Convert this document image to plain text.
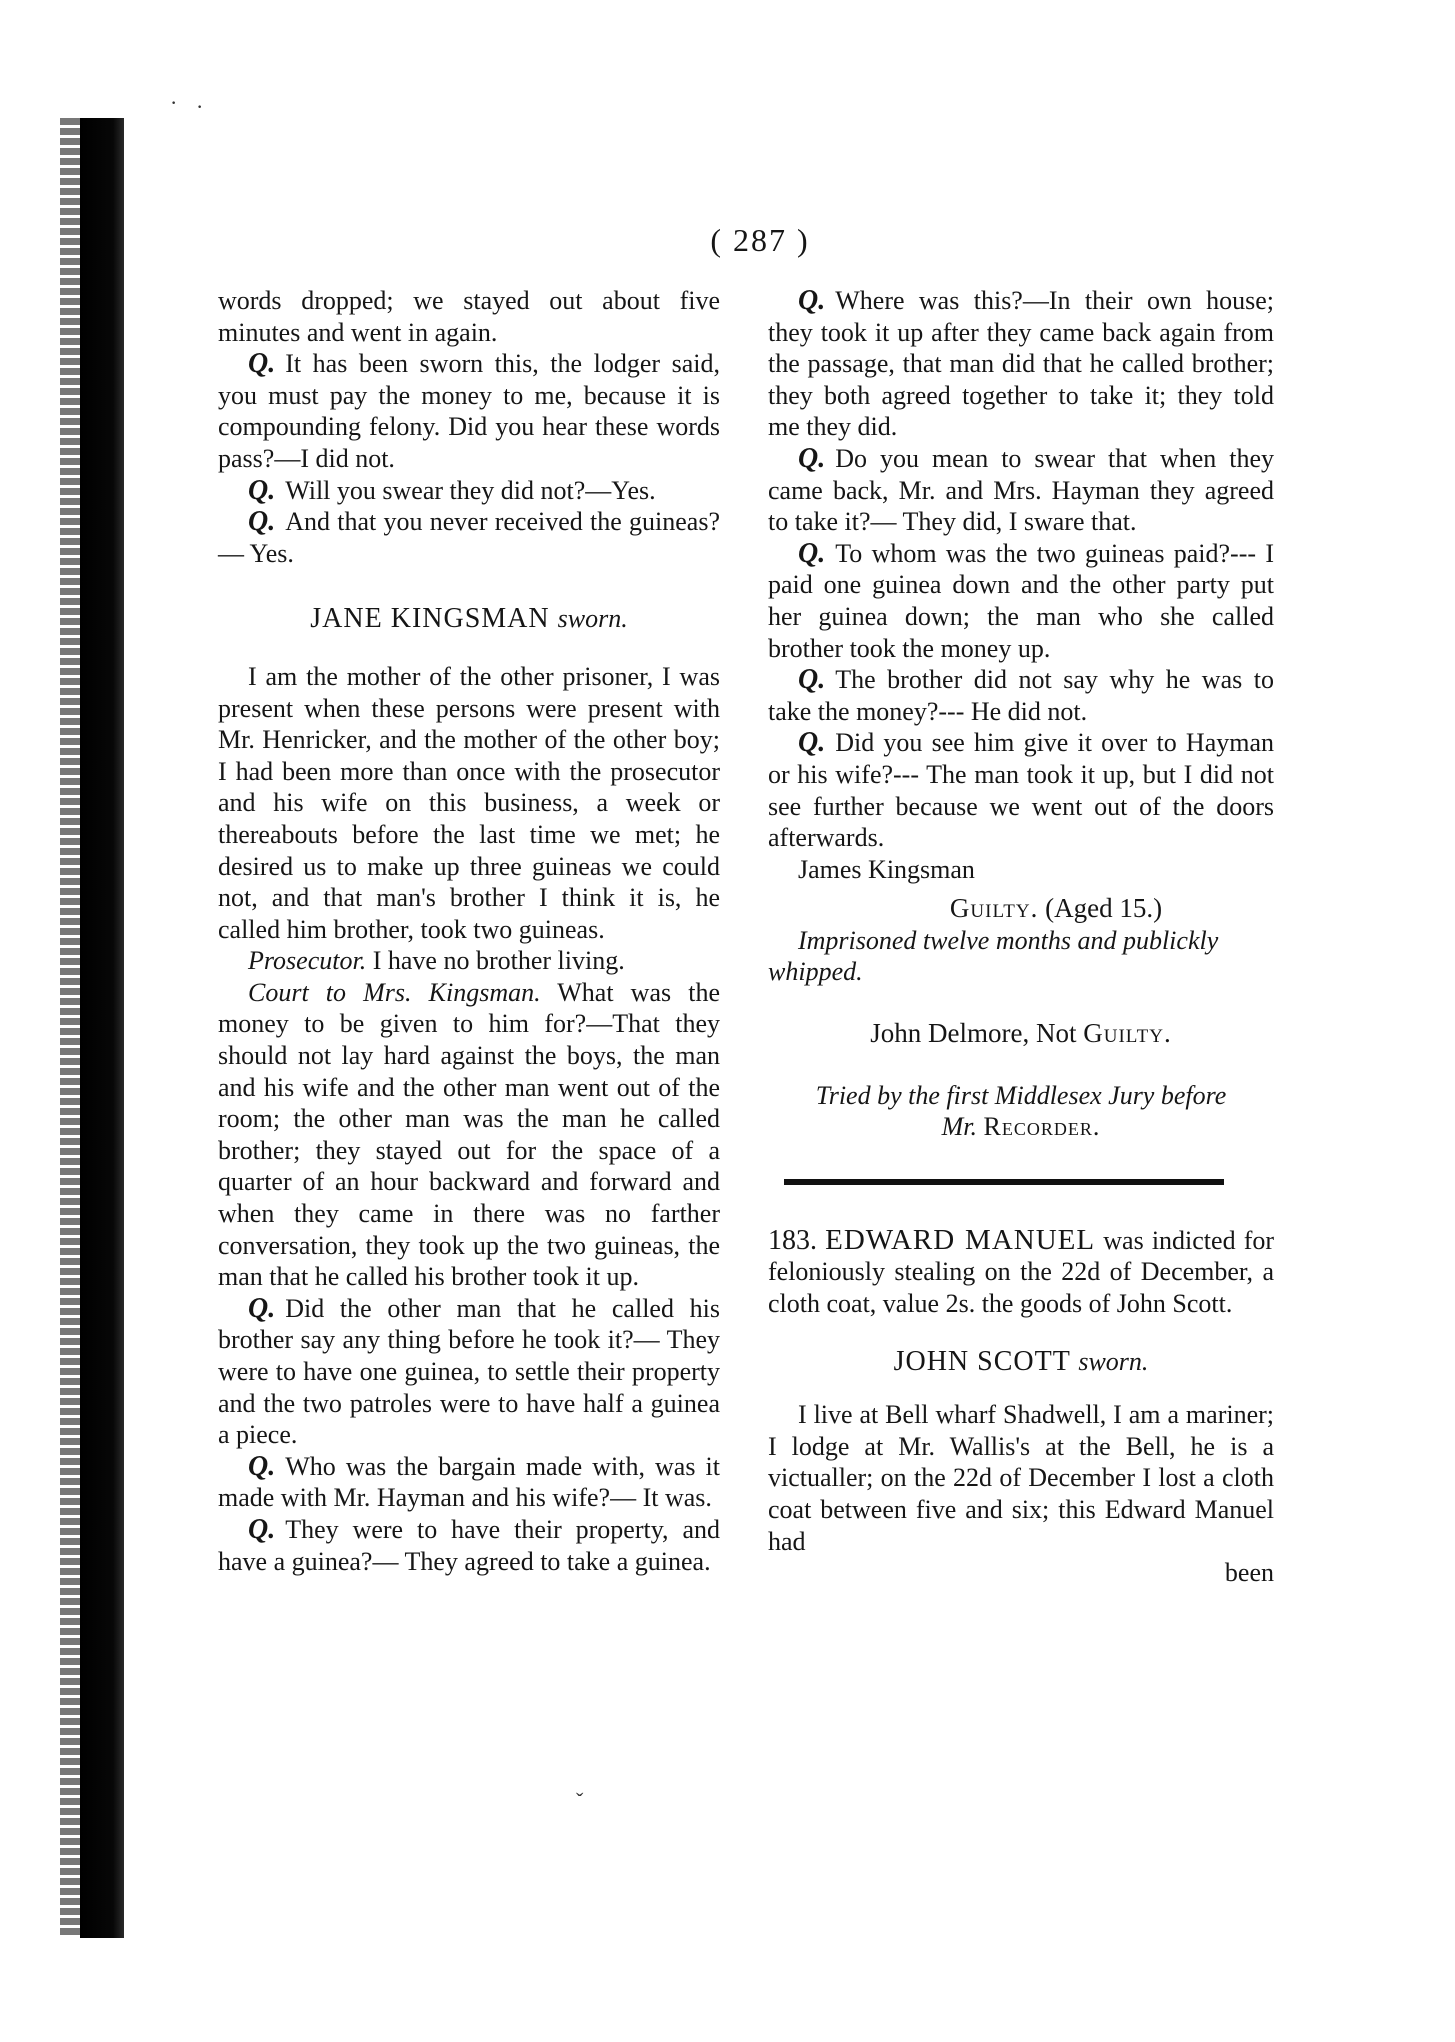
· ·
ˇ
( 287 )

words dropped; we stayed out about five minutes and went in again.

Q. It has been sworn this, the lodger said, you must pay the money to me, because it is compounding felony. Did you hear these words pass?—I did not.

Q. Will you swear they did not?—Yes.

Q. And that you never received the guineas?— Yes.

JANE KINGSMAN sworn.

I am the mother of the other prisoner, I was present when these persons were present with Mr. Henricker, and the mother of the other boy; I had been more than once with the prosecutor and his wife on this business, a week or thereabouts before the last time we met; he desired us to make up three guineas we could not, and that man's brother I think it is, he called him brother, took two guineas.

Prosecutor. I have no brother living.

Court to Mrs. Kingsman. What was the money to be given to him for?—That they should not lay hard against the boys, the man and his wife and the other man went out of the room; the other man was the man he called brother; they stayed out for the space of a quarter of an hour backward and forward and when they came in there was no farther conversation, they took up the two guineas, the man that he called his brother took it up.

Q. Did the other man that he called his brother say any thing before he took it?— They were to have one guinea, to settle their property and the two patroles were to have half a guinea a piece.

Q. Who was the bargain made with, was it made with Mr. Hayman and his wife?— It was.

Q. They were to have their property, and have a guinea?— They agreed to take a guinea.

Q. Where was this?—In their own house; they took it up after they came back again from the passage, that man did that he called brother; they both agreed together to take it; they told me they did.

Q. Do you mean to swear that when they came back, Mr. and Mrs. Hayman they agreed to take it?— They did, I sware that.

Q. To whom was the two guineas paid?--- I paid one guinea down and the other party put her guinea down; the man who she called brother took the money up.

Q. The brother did not say why he was to take the money?--- He did not.

Q. Did you see him give it over to Hayman or his wife?--- The man took it up, but I did not see further because we went out of the doors afterwards.

James Kingsman

Guilty. (Aged 15.)

Imprisoned twelve months and publickly whipped.

John Delmore, Not Guilty.
Tried by the first Middlesex Jury before
Mr. Recorder.

183. EDWARD MANUEL was indicted for feloniously stealing on the 22d of December, a cloth coat, value 2s. the goods of John Scott.

JOHN SCOTT sworn.

I live at Bell wharf Shadwell, I am a mariner; I lodge at Mr. Wallis's at the Bell, he is a victualler; on the 22d of December I lost a cloth coat between five and six; this Edward Manuel had

been
